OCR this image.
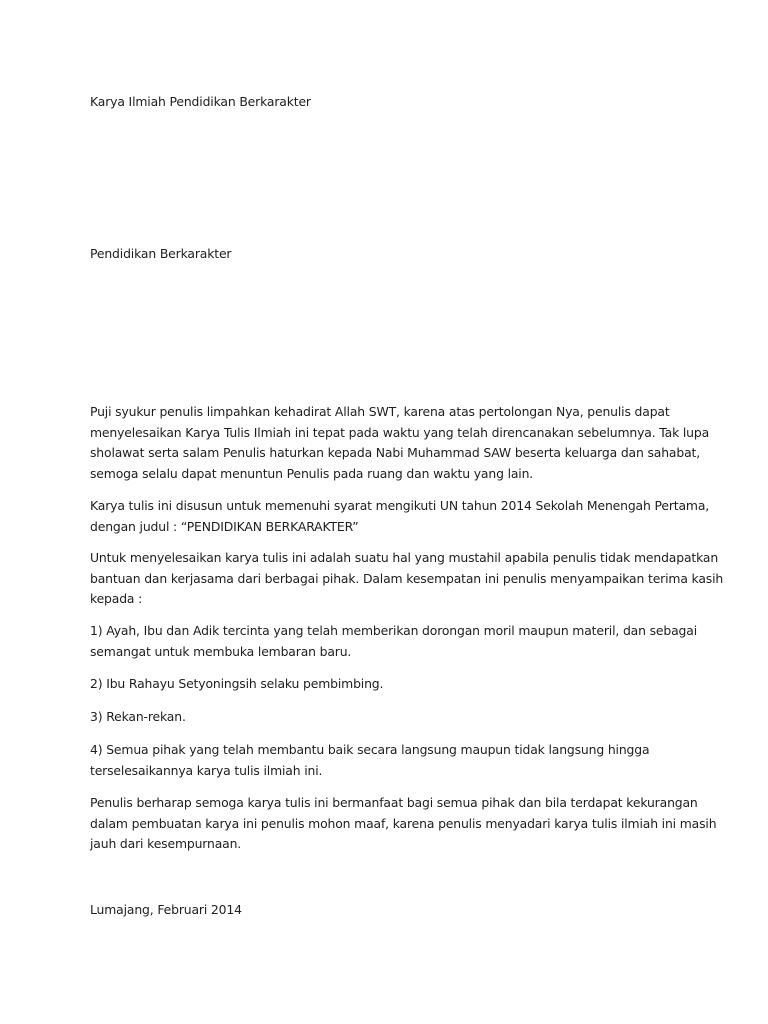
Karya Ilmiah Pendidikan Berkarakter
Pendidikan Berkarakter
Puji syukur penulis limpahkan kehadirat Allah SWT, karena atas pertolongan Nya, penulis dapat
menyelesaikan Karya Tulis Ilmiah ini tepat pada waktu yang telah direncanakan sebelumnya. Tak lupa
sholawat serta salam Penulis haturkan kepada Nabi Muhammad SAW beserta keluarga dan sahabat,
semoga selalu dapat menuntun Penulis pada ruang dan waktu yang lain.
Karya tulis ini disusun untuk memenuhi syarat mengikuti UN tahun 2014 Sekolah Menengah Pertama,
dengan judul : “PENDIDIKAN BERKARAKTER”
Untuk menyelesaikan karya tulis ini adalah suatu hal yang mustahil apabila penulis tidak mendapatkan
bantuan dan kerjasama dari berbagai pihak. Dalam kesempatan ini penulis menyampaikan terima kasih
kepada :
1) Ayah, Ibu dan Adik tercinta yang telah memberikan dorongan moril maupun materil, dan sebagai
semangat untuk membuka lembaran baru.
2) Ibu Rahayu Setyoningsih selaku pembimbing.
3) Rekan-rekan.
4) Semua pihak yang telah membantu baik secara langsung maupun tidak langsung hingga
terselesaikannya karya tulis ilmiah ini.
Penulis berharap semoga karya tulis ini bermanfaat bagi semua pihak dan bila terdapat kekurangan
dalam pembuatan karya ini penulis mohon maaf, karena penulis menyadari karya tulis ilmiah ini masih
jauh dari kesempurnaan.
Lumajang, Februari 2014
